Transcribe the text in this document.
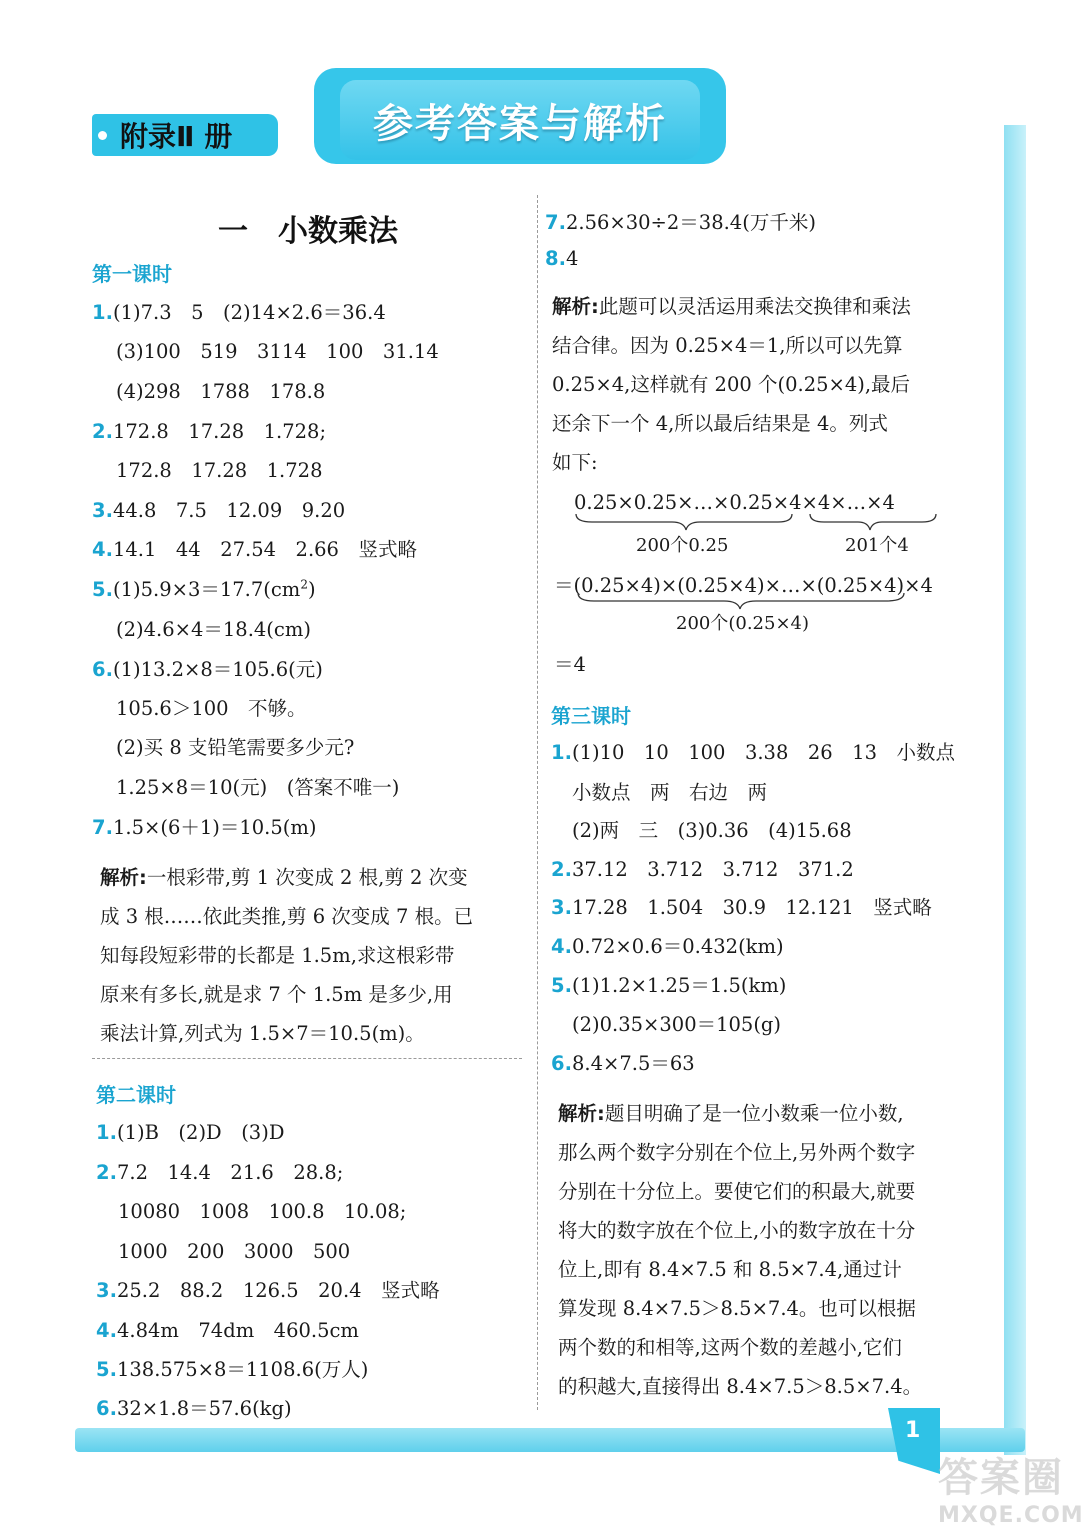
1
答案圈
MXQE.COM
附录Ⅱ 册	参考答案与解析
一　小数乘法
第一课时
1.(1)7.3　5　(2)14×2.6＝36.4
(3)100　519　3114　100　31.14
(4)298　1788　178.8
2.172.8　17.28　1.728;
172.8　17.28　1.728
3.44.8　7.5　12.09　9.20
4.14.1　44　27.54　2.66　竖式略
$5.(1)5.9\times 3=17.7(cm^2)$
(2)4.6×4＝18.4(cm)
6.(1)13.2×8＝105.6(元)
105.6＞100　不够。
(2)买 8 支铅笔需要多少元?
1.25×8＝10(元)　(答案不唯一)
7.1.5×(6＋1)＝10.5(m)
解析:一根彩带,剪 1 次变成 2 根,剪 2 次变
成 3 根……依此类推,剪 6 次变成 7 根。已
知每段短彩带的长都是 1.5m,求这根彩带
原来有多长,就是求 7 个 1.5m 是多少,用
乘法计算,列式为 1.5×7＝10.5(m)。
第二课时
1.(1)B　(2)D　(3)D
2.7.2　14.4　21.6　28.8;
10080　1008　100.8　10.08;
1000　200　3000　500
3.25.2　88.2　126.5　20.4　竖式略
4.4.84m　74dm　460.5cm
5.138.575×8＝1108.6(万人)
6.32×1.8＝57.6(kg)
7.2.56×30÷2＝38.4(万千米)
8.4
解析:此题可以灵活运用乘法交换律和乘法
结合律。因为 0.25×4＝1,所以可以先算
0.25×4,这样就有 200 个(0.25×4),最后
还余下一个 4,所以最后结果是 4。列式
如下:
0.25×0.25×…×0.25×4×4×…×4
200个0.25	201个4
＝(0.25×4)×(0.25×4)×…×(0.25×4)×4
200个(0.25×4)
＝4
第三课时
1.(1)10　10　100　3.38　26　13　小数点
小数点　两　右边　两
(2)两　三　(3)0.36　(4)15.68
2.37.12　3.712　3.712　371.2
3.17.28　1.504　30.9　12.121　竖式略
4.0.72×0.6＝0.432(km)
5.(1)1.2×1.25＝1.5(km)
(2)0.35×300＝105(g)
6.8.4×7.5＝63
解析:题目明确了是一位小数乘一位小数,
那么两个数字分别在个位上,另外两个数字
分别在十分位上。要使它们的积最大,就要
将大的数字放在个位上,小的数字放在十分
位上,即有 8.4×7.5 和 8.5×7.4,通过计
算发现 8.4×7.5＞8.5×7.4。也可以根据
两个数的和相等,这两个数的差越小,它们
的积越大,直接得出 8.4×7.5＞8.5×7.4。
